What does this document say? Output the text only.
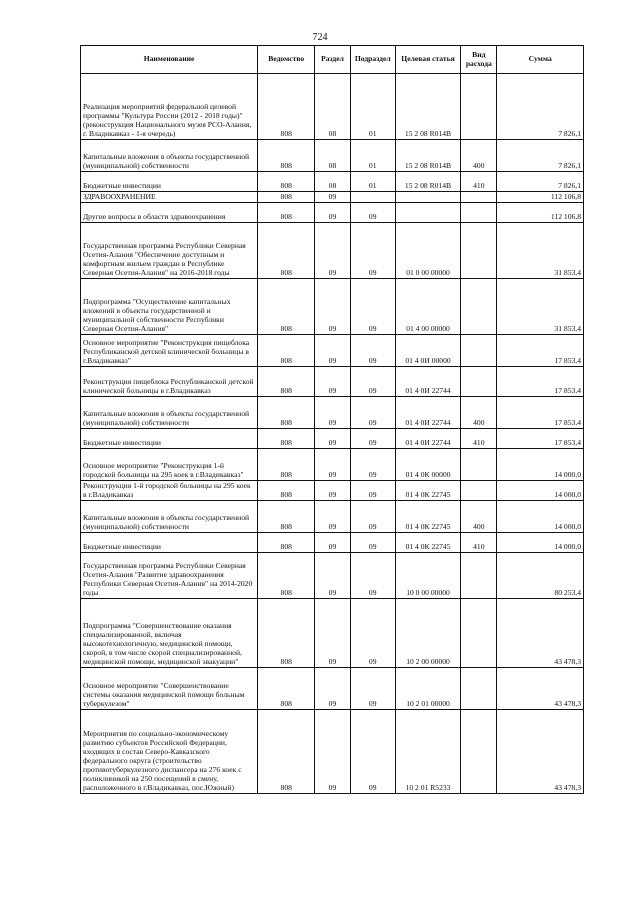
724
Наименование	Ведомство	Раздел	Подраздел	Целевая статья	Вид расхода	Сумма
Реализация мероприятий федеральной целевой программы "Культура России (2012 - 2018 годы)" (реконструкция Национального музея РСО-Алания, г. Владикавказ - 1-я очередь)	808	08	01	15 2 08 R014В		7 826,1
Капитальные вложения в объекты государственной (муниципальной) собственности	808	08	01	15 2 08 R014В	400	7 826,1
Бюджетные инвестиции	808	08	01	15 2 08 R014В	410	7 826,1
ЗДРАВООХРАНЕНИЕ	808	09				112 106,8
Другие вопросы в области здравоохранения	808	09	09			112 106,8
Государственная программа Республики Северная Осетия-Алания "Обеспечение доступным и комфортным жильем граждан в Республике Северная Осетия-Алания" на 2016-2018 годы	808	09	09	01 0 00 00000		31 853,4
Подпрограмма "Осуществление капитальных вложений в объекты государственной и муниципальной собственности Республики Северная Осетия-Алания"	808	09	09	01 4 00 00000		31 853,4
Основное мероприятие "Реконструкция пищеблока Республиканской детской клинической больницы в г.Владикавказ"	808	09	09	01 4 0И 00000		17 853,4
Реконструкция пищеблока Республиканской детской клинической больницы в г.Владикавказ	808	09	09	01 4 0И 22744		17 853,4
Капитальные вложения в объекты государственной (муниципальной) собственности	808	09	09	01 4 0И 22744	400	17 853,4
Бюджетные инвестиции	808	09	09	01 4 0И 22744	410	17 853,4
Основное мероприятие "Реконструкция 1-й городской больницы на 295 коек в г.Владикавказ"	808	09	09	01 4 0К 00000		14 000,0
Реконструкция 1-й городской больницы на 295 коек в г.Владикавказ	808	09	09	01 4 0К 22745		14 000,0
Капитальные вложения в объекты государственной (муниципальной) собственности	808	09	09	01 4 0К 22745	400	14 000,0
Бюджетные инвестиции	808	09	09	01 4 0К 22745	410	14 000,0
Государственная программа Республики Северная Осетия-Алания "Развитие здравоохранения Республики Северная Осетия-Алания" на 2014-2020 годы	808	09	09	10 0 00 00000		80 253,4
Подпрограмма "Совершенствование оказания специализированной, включая высокотехнологичную, медицинской помощи, скорой, в том числе скорой специализированной, медицинской помощи, медицинской эвакуации"	808	09	09	10 2 00 00000		43 478,3
Основное мероприятие "Совершенствование системы оказания медицинской помощи больным туберкулезом"	808	09	09	10 2 01 00000		43 478,3
Мероприятия по социально-экономическому развитию субъектов Российской Федерации, входящих в состав Северо-Кавказского федерального округа (строительство противотуберкулезного диспансера на 276 коек с поликлиникой на 250 посещений в смену, расположенного в г.Владикавказ, пос.Южный)	808	09	09	10 2 01 R5233		43 478,3
